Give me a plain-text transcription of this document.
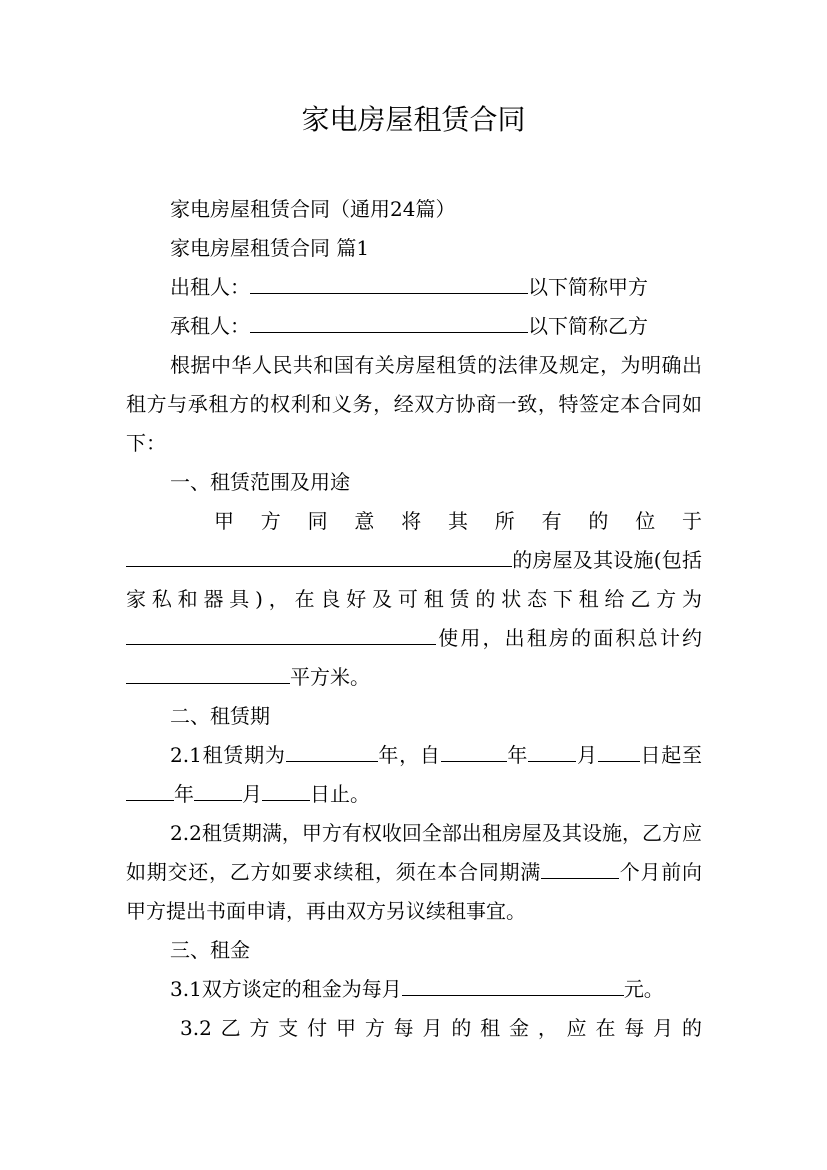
家电房屋租赁合同

家电房屋租赁合同（通用24篇）

家电房屋租赁合同 篇1

出租人：	以下简称甲方

承租人：	以下简称乙方

根据中华人民共和国有关房屋租赁的法律及规定，为明确出租方与承租方的权利和义务，经双方协商一致，特签定本合同如下：

一、租赁范围及用途

甲方同意将其所有的位于
的房屋及其设施(包括家私和器具)，在良好及可租赁的状态下租给乙方为使用，出租房的面积总计约平方米。

二、租赁期

2.1租赁期为	年，自	年 月 日起至年 月 日止。

2.2租赁期满，甲方有权收回全部出租房屋及其设施，乙方应如期交还，乙方如要求续租，须在本合同期满	个月前向甲方提出书面申请，再由双方另议续租事宜。

三、租金

3.1双方谈定的租金为每月	元。

3.2乙方支付甲方每月的租金，应在每月的
